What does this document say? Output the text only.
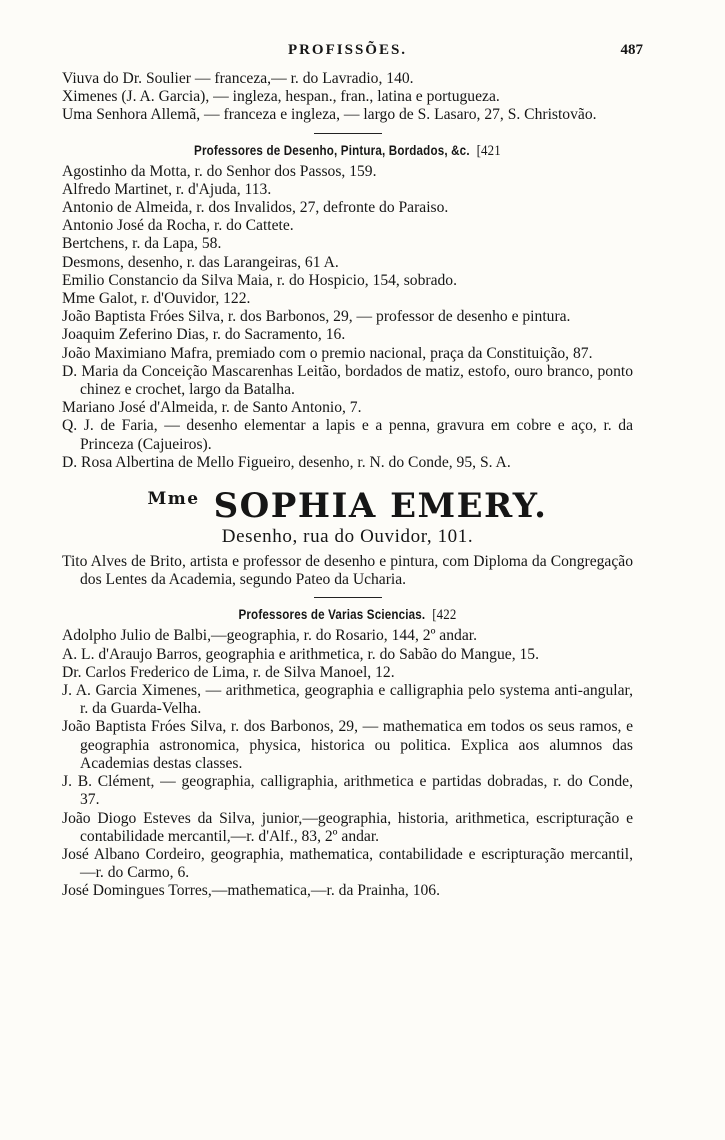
PROFISSÕES.	487
Viuva do Dr. Soulier — franceza,— r. do Lavradio, 140.
Ximenes (J. A. Garcia), — ingleza, hespan., fran., latina e portugueza.
Uma Senhora Allemã, — franceza e ingleza, — largo de S. Lasaro, 27, S. Christovão.
Professores de Desenho, Pintura, Bordados, &c. [421
Agostinho da Motta, r. do Senhor dos Passos, 159.
Alfredo Martinet, r. d'Ajuda, 113.
Antonio de Almeida, r. dos Invalidos, 27, defronte do Paraiso.
Antonio José da Rocha, r. do Cattete.
Bertchens, r. da Lapa, 58.
Desmons, desenho, r. das Larangeiras, 61 A.
Emilio Constancio da Silva Maia, r. do Hospicio, 154, sobrado.
Mme Galot, r. d'Ouvidor, 122.
João Baptista Fróes Silva, r. dos Barbonos, 29, — professor de desenho e pintura.
Joaquim Zeferino Dias, r. do Sacramento, 16.
João Maximiano Mafra, premiado com o premio nacional, praça da Constituição, 87.
D. Maria da Conceição Mascarenhas Leitão, bordados de matiz, estofo, ouro branco, ponto chinez e crochet, largo da Batalha.
Mariano José d'Almeida, r. de Santo Antonio, 7.
Q. J. de Faria, — desenho elementar a lapis e a penna, gravura em cobre e aço, r. da Princeza (Cajueiros).
D. Rosa Albertina de Mello Figueiro, desenho, r. N. do Conde, 95, S. A.
$^{Mme}$ SOPHIA EMERY.
Desenho, rua do Ouvidor, 101.
Tito Alves de Brito, artista e professor de desenho e pintura, com Diploma da Congregação dos Lentes da Academia, segundo Pateo da Ucharia.
Professores de Varias Sciencias. [422
Adolpho Julio de Balbi,—geographia, r. do Rosario, 144, 2º andar.
A. L. d'Araujo Barros, geographia e arithmetica, r. do Sabão do Mangue, 15.
Dr. Carlos Frederico de Lima, r. de Silva Manoel, 12.
J. A. Garcia Ximenes, — arithmetica, geographia e calligraphia pelo systema anti-angular, r. da Guarda-Velha.
João Baptista Fróes Silva, r. dos Barbonos, 29, — mathematica em todos os seus ramos, e geographia astronomica, physica, historica ou politica. Explica aos alumnos das Academias destas classes.
J. B. Clément, — geographia, calligraphia, arithmetica e partidas dobradas, r. do Conde, 37.
João Diogo Esteves da Silva, junior,—geographia, historia, arithmetica, escripturação e contabilidade mercantil,—r. d'Alf., 83, 2º andar.
José Albano Cordeiro, geographia, mathematica, contabilidade e escripturação mercantil,—r. do Carmo, 6.
José Domingues Torres,—mathematica,—r. da Prainha, 106.
